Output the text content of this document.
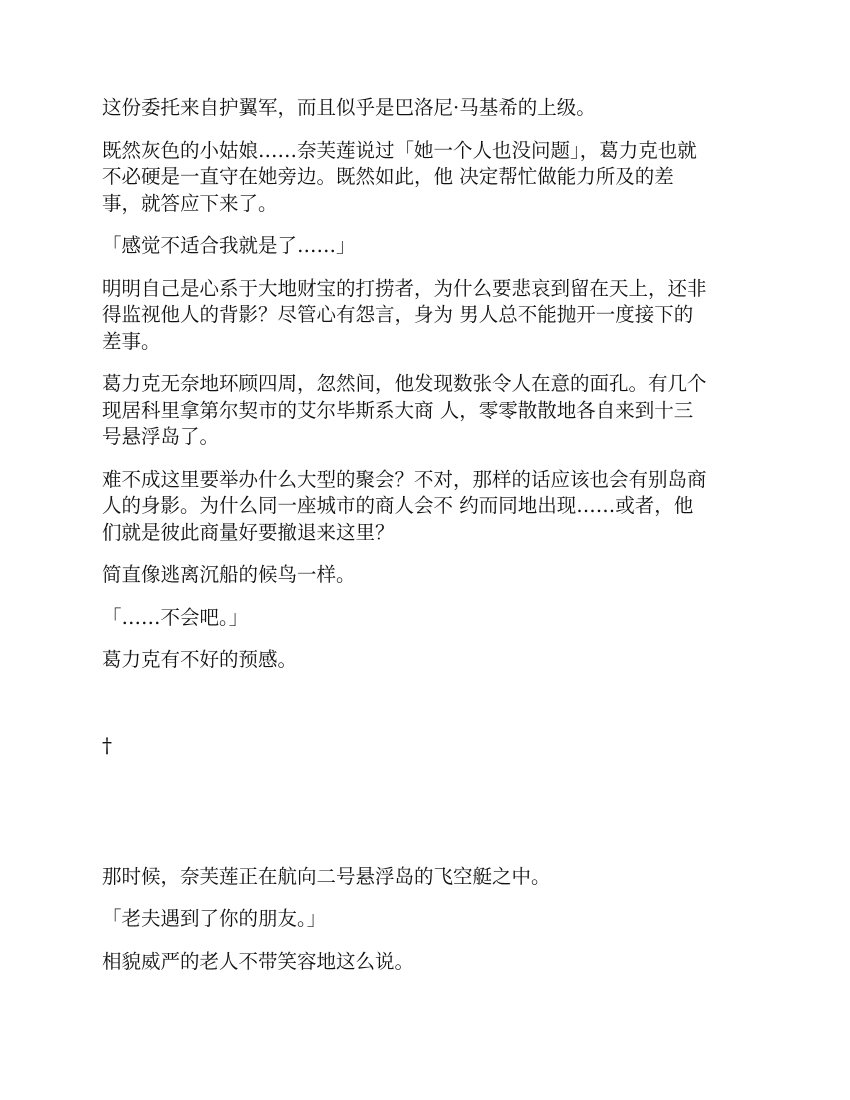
这份委托来自护翼军，而且似乎是巴洛尼·马基希的上级。

既然灰色的小姑娘……奈芙莲说过「她一个人也没问题」，葛力克也就
不必硬是一直守在她旁边。既然如此，他 决定帮忙做能力所及的差
事，就答应下来了。

「感觉不适合我就是了……」

明明自己是心系于大地财宝的打捞者，为什么要悲哀到留在天上，还非
得监视他人的背影？尽管心有怨言，身为 男人总不能抛开一度接下的
差事。

葛力克无奈地环顾四周，忽然间，他发现数张令人在意的面孔。有几个
现居科里拿第尔契市的艾尔毕斯系大商 人，零零散散地各自来到十三
号悬浮岛了。

难不成这里要举办什么大型的聚会？不对，那样的话应该也会有别岛商
人的身影。为什么同一座城市的商人会不 约而同地出现……或者，他
们就是彼此商量好要撤退来这里？

简直像逃离沉船的候鸟一样。

「……不会吧。」

葛力克有不好的预感。

†

那时候，奈芙莲正在航向二号悬浮岛的飞空艇之中。

「老夫遇到了你的朋友。」

相貌威严的老人不带笑容地这么说。
